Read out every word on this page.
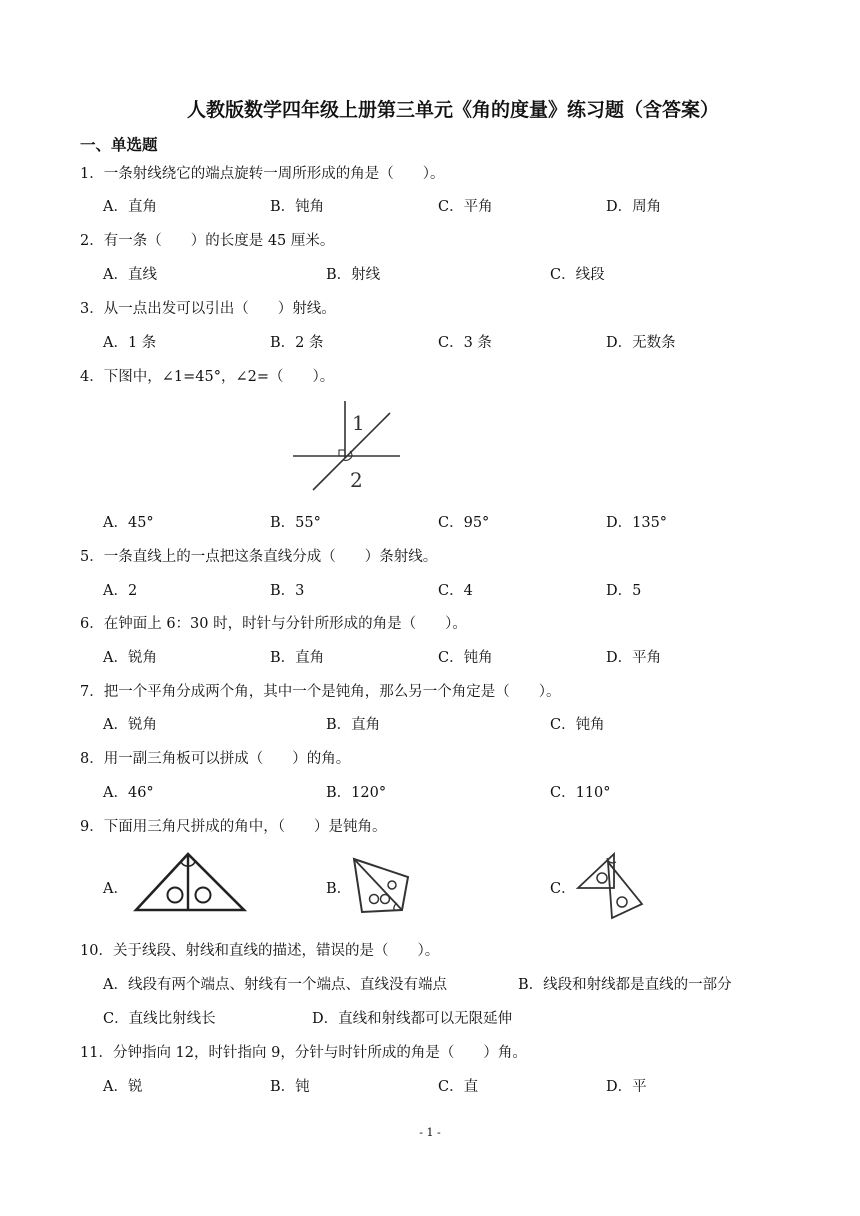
人教版数学四年级上册第三单元《角的度量》练习题（含答案）
一、单选题
1．一条射线绕它的端点旋转一周所形成的角是（　　）。
A．直角	B．钝角	C．平角	D．周角
2．有一条（　　）的长度是 45 厘米。
A．直线	B．射线	C．线段
3．从一点出发可以引出（　　）射线。
A．1 条	B．2 条	C．3 条	D．无数条
4．下图中，∠1=45°，∠2=（　　）。
1
2
A．45°	B．55°	C．95°	D．135°
5．一条直线上的一点把这条直线分成（　　）条射线。
A．2	B．3	C．4	D．5
6．在钟面上 6：30 时，时针与分针所形成的角是（　　）。
A．锐角	B．直角	C．钝角	D．平角
7．把一个平角分成两个角，其中一个是钝角，那么另一个角定是（　　）。
A．锐角	B．直角	C．钝角
8．用一副三角板可以拼成（　　）的角。
A．46°	B．120°	C．110°
9．下面用三角尺拼成的角中，（　　）是钝角。
A．	B．	C．
10．关于线段、射线和直线的描述，错误的是（　　）。
A．线段有两个端点、射线有一个端点、直线没有端点	B．线段和射线都是直线的一部分
C．直线比射线长	D．直线和射线都可以无限延伸
11．分钟指向 12，时针指向 9，分针与时针所成的角是（　　）角。
A．锐	B．钝	C．直	D．平
- 1 -
